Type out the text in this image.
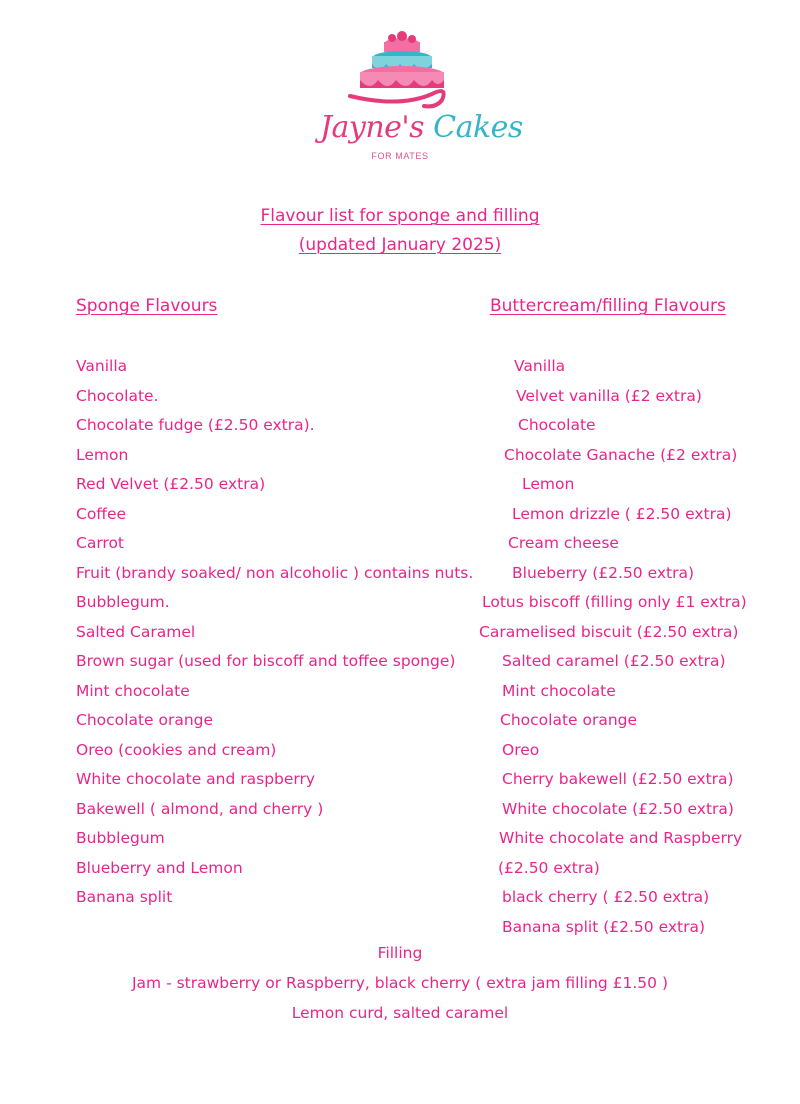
Jayne's Cakes
FOR MATES
Flavour list for sponge and filling
(updated January 2025)
Sponge Flavours	Buttercream/filling Flavours
Vanilla
Chocolate.
Chocolate fudge (£2.50 extra).
Lemon
Red Velvet (£2.50 extra)
Coffee
Carrot
Fruit (brandy soaked/ non alcoholic ) contains nuts.
Bubblegum.
Salted Caramel
Brown sugar (used for biscoff and toffee sponge)
Mint chocolate
Chocolate orange
Oreo (cookies and cream)
White chocolate and raspberry
Bakewell ( almond, and cherry )
Bubblegum
Blueberry and Lemon
Banana split
Vanilla
Velvet vanilla (£2 extra)
Chocolate
Chocolate Ganache (£2 extra)
Lemon
Lemon drizzle ( £2.50 extra)
Cream cheese
Blueberry (£2.50 extra)
Lotus biscoff (filling only £1 extra)
Caramelised biscuit (£2.50 extra)
Salted caramel (£2.50 extra)
Mint chocolate
Chocolate orange
Oreo
Cherry bakewell (£2.50 extra)
White chocolate (£2.50 extra)
White chocolate and Raspberry
(£2.50 extra)
black cherry ( £2.50 extra)
Banana split (£2.50 extra)
Filling
Jam - strawberry or Raspberry, black cherry ( extra jam filling £1.50 )
Lemon curd, salted caramel
